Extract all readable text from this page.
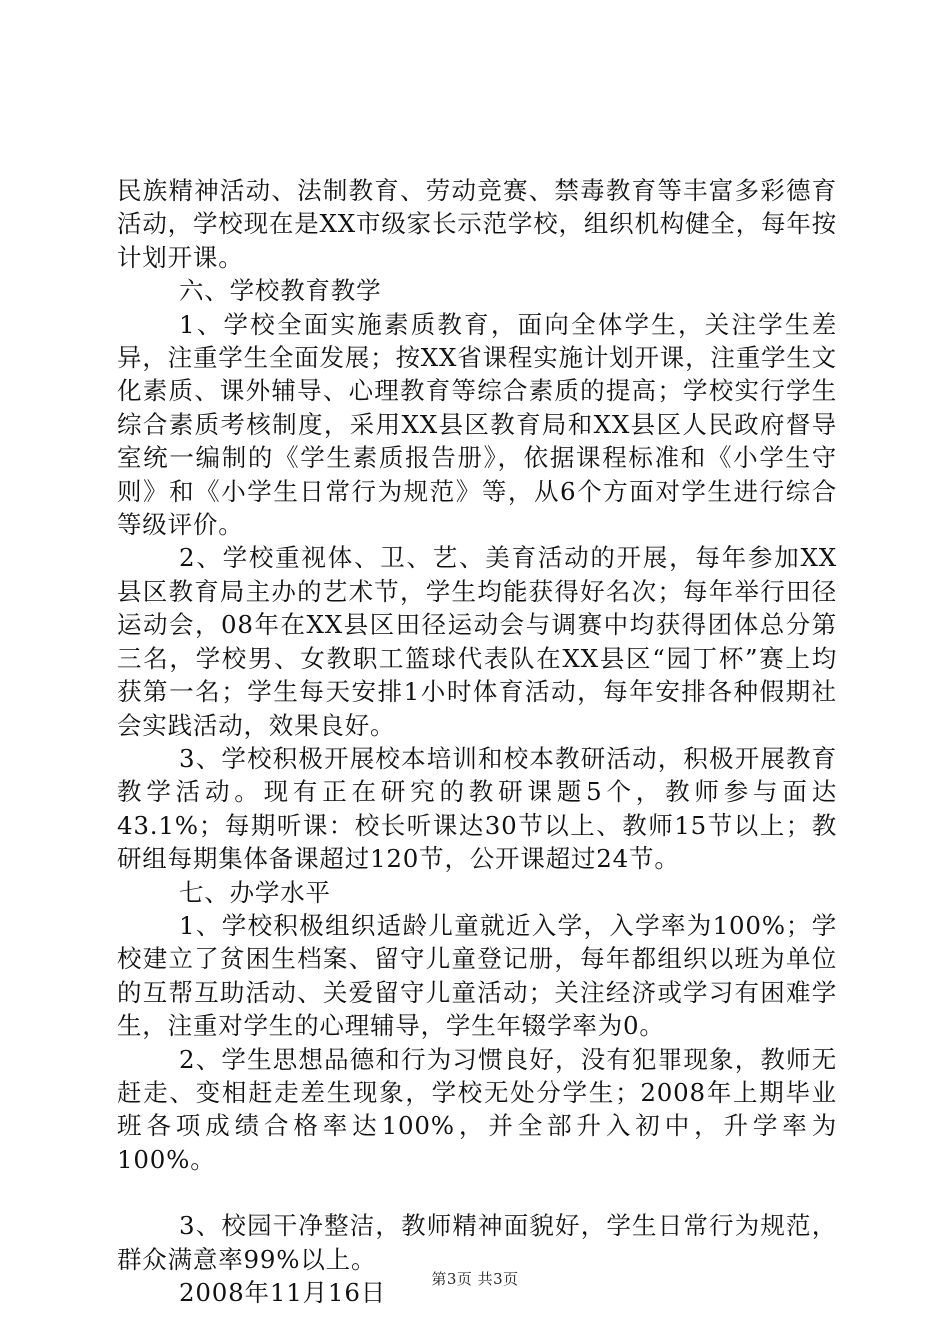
民族精神活动、法制教育、劳动竞赛、禁毒教育等丰富多彩德育活动，学校现在是XX市级家长示范学校，组织机构健全，每年按计划开课。

六、学校教育教学

1、学校全面实施素质教育，面向全体学生，关注学生差异，注重学生全面发展；按XX省课程实施计划开课，注重学生文化素质、课外辅导、心理教育等综合素质的提高；学校实行学生综合素质考核制度，采用XX县区教育局和XX县区人民政府督导室统一编制的《学生素质报告册》，依据课程标准和《小学生守则》和《小学生日常行为规范》等，从6个方面对学生进行综合等级评价。

2、学校重视体、卫、艺、美育活动的开展，每年参加XX县区教育局主办的艺术节，学生均能获得好名次；每年举行田径运动会，08年在XX县区田径运动会与调赛中均获得团体总分第三名，学校男、女教职工篮球代表队在XX县区“园丁杯”赛上均获第一名；学生每天安排1小时体育活动，每年安排各种假期社会实践活动，效果良好。

3、学校积极开展校本培训和校本教研活动，积极开展教育教学活动。现有正在研究的教研课题5个，教师参与面达43.1%；每期听课：校长听课达30节以上、教师15节以上；教研组每期集体备课超过120节，公开课超过24节。

七、办学水平

1、学校积极组织适龄儿童就近入学，入学率为100%；学校建立了贫困生档案、留守儿童登记册，每年都组织以班为单位的互帮互助活动、关爱留守儿童活动；关注经济或学习有困难学生，注重对学生的心理辅导，学生年辍学率为0。

2、学生思想品德和行为习惯良好，没有犯罪现象，教师无赶走、变相赶走差生现象，学校无处分学生；2008年上期毕业班各项成绩合格率达100%，并全部升入初中，升学率为100%。

3、校园干净整洁，教师精神面貌好，学生日常行为规范，群众满意率99%以上。

2008年11月16日	第3页 共3页
